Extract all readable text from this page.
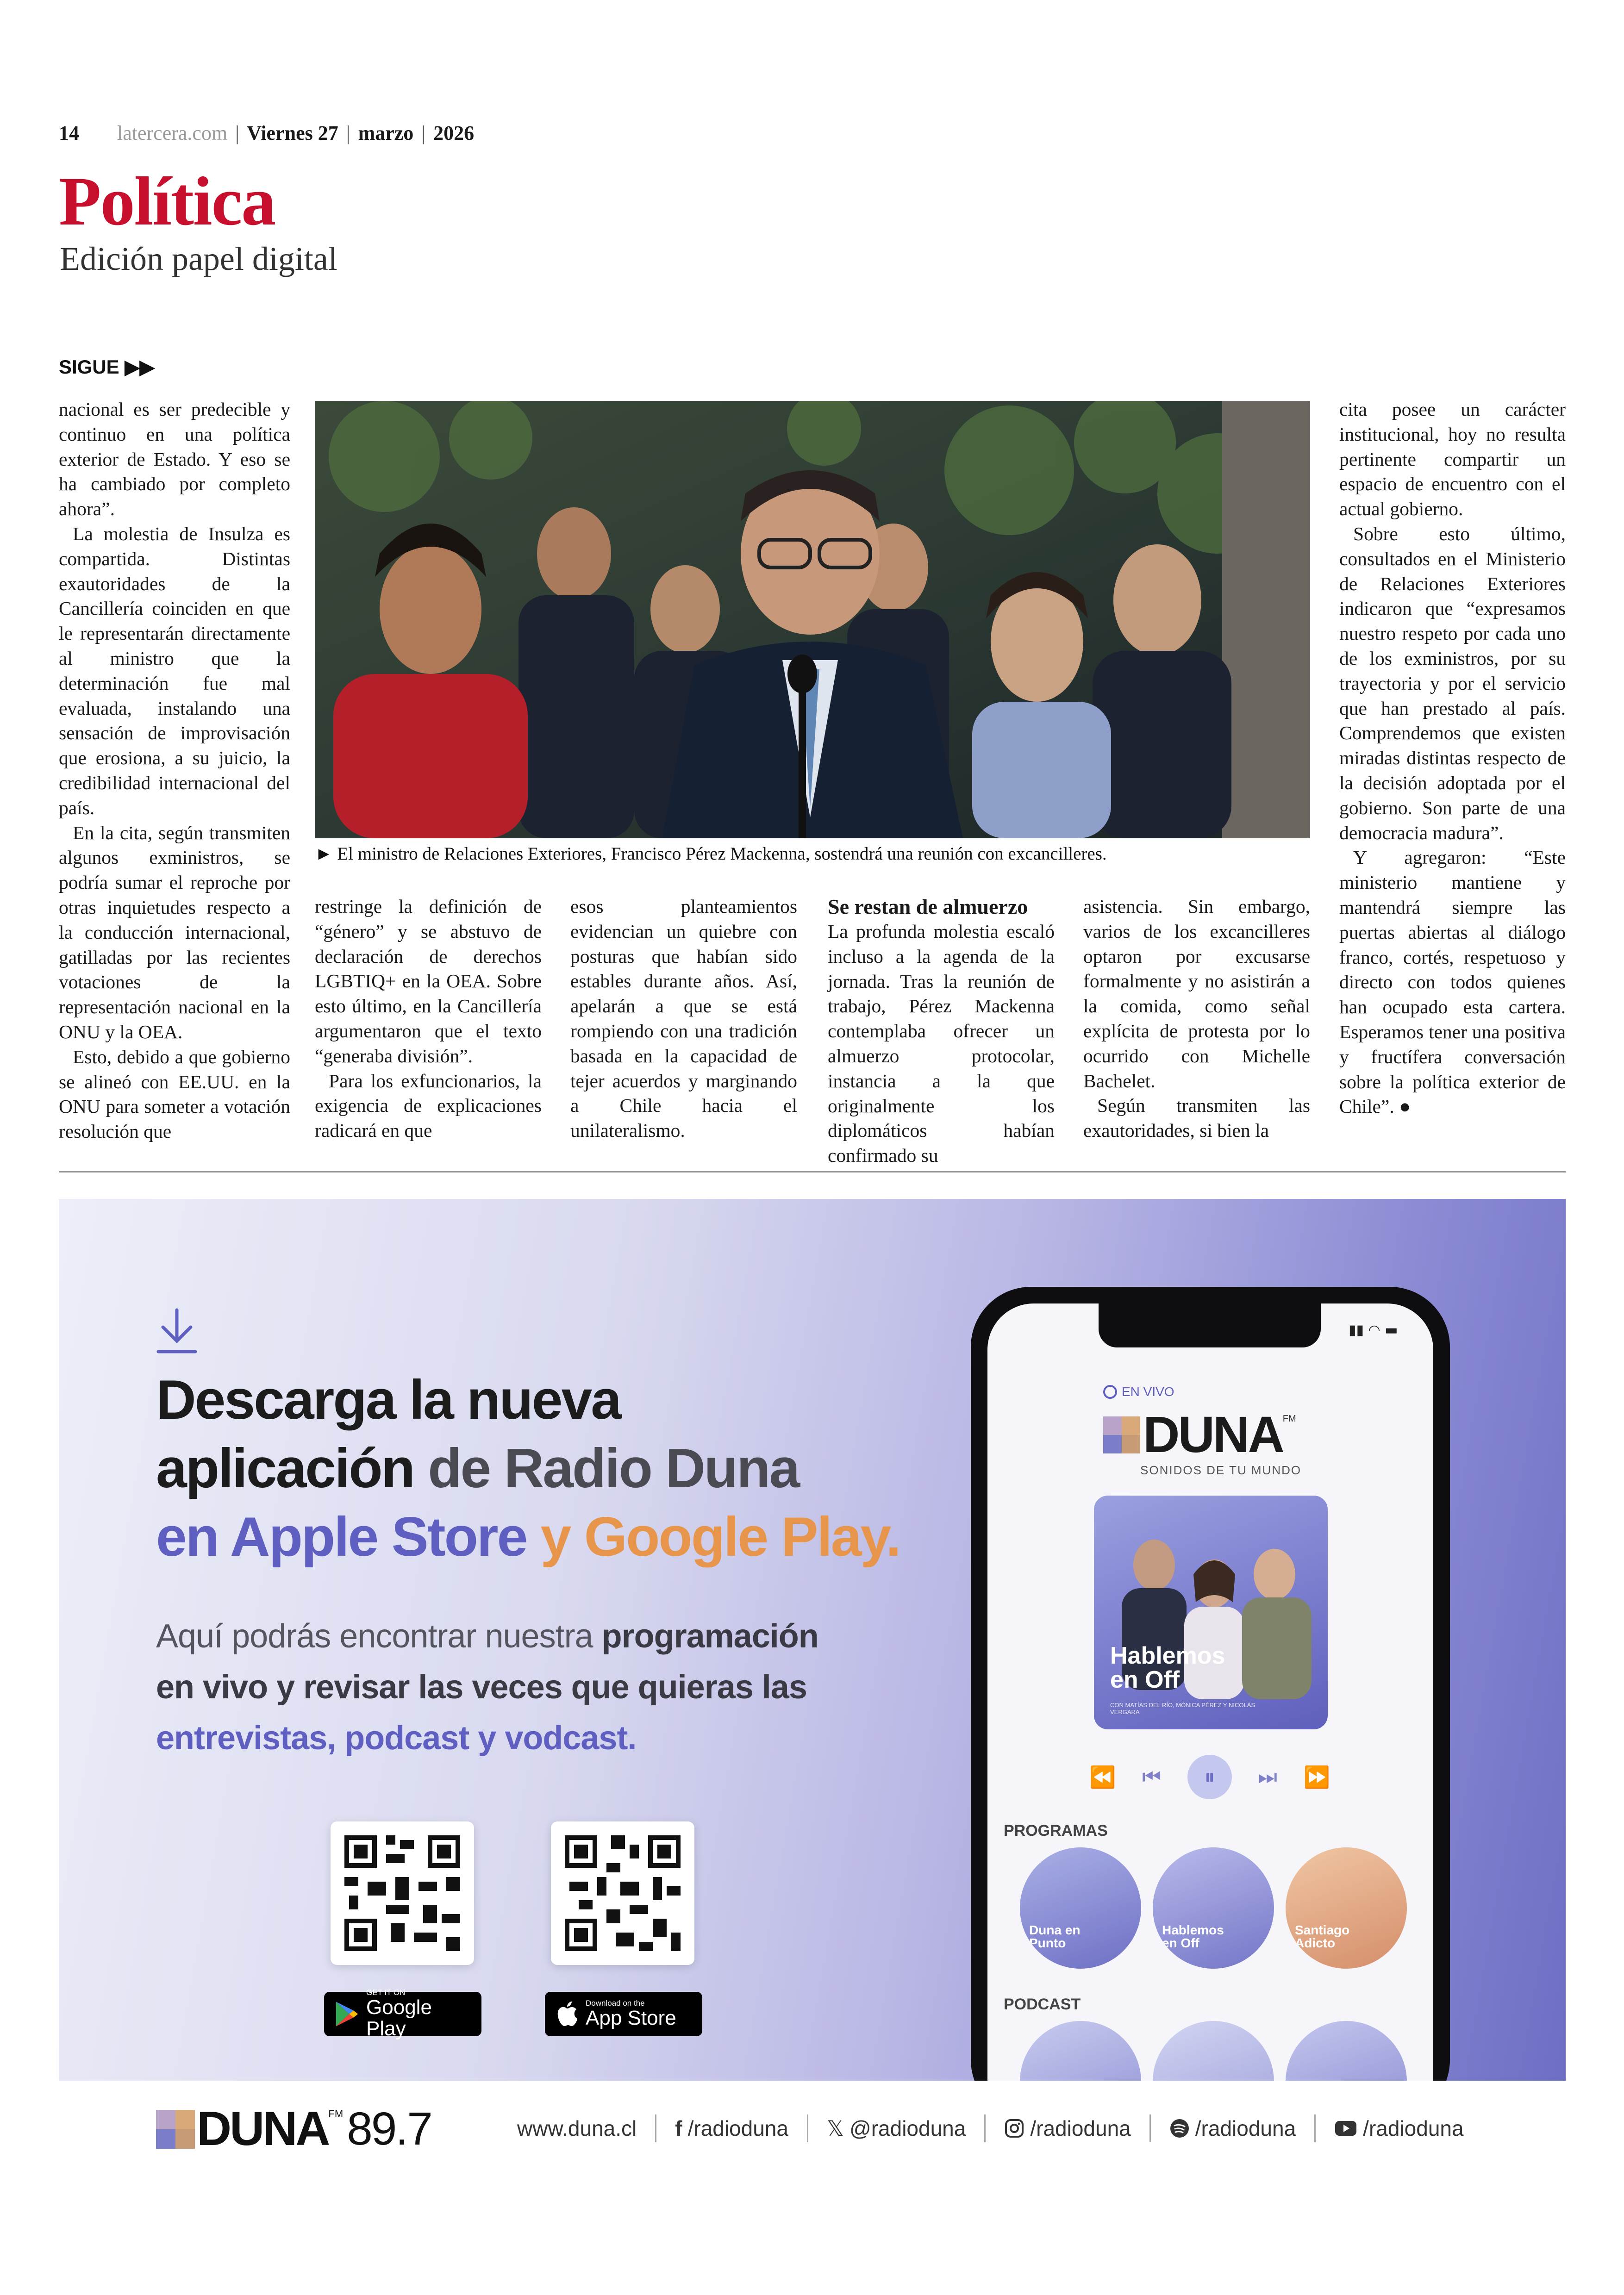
14 latercera.com | Viernes 27 | marzo | 2026
Política
Edición papel digital
SIGUE ▶▶

nacional es ser predecible y continuo en una política exterior de Estado. Y eso se ha cambiado por completo ahora”.

La molestia de Insulza es compartida. Distintas exautoridades de la Cancillería coinciden en que le representarán directamente al ministro que la determinación fue mal evaluada, instalando una sensación de improvisación que erosiona, a su juicio, la credibilidad internacional del país.

En la cita, según transmiten algunos exministros, se podría sumar el reproche por otras inquietudes respecto a la conducción internacional, gatilladas por las recientes votaciones de la representación nacional en la ONU y la OEA.

Esto, debido a que gobierno se alineó con EE.UU. en la ONU para someter a votación resolución que

► El ministro de Relaciones Exteriores, Francisco Pérez Mackenna, sostendrá una reunión con excancilleres.

cita posee un carácter institucional, hoy no resulta pertinente compartir un espacio de encuentro con el actual gobierno.

Sobre esto último, consultados en el Ministerio de Relaciones Exteriores indicaron que “expresamos nuestro respeto por cada uno de los exministros, por su trayectoria y por el servicio que han prestado al país. Comprendemos que existen miradas distintas respecto de la decisión adoptada por el gobierno. Son parte de una democracia madura”.

Y agregaron: “Este ministerio mantiene y mantendrá siempre las puertas abiertas al diálogo franco, cortés, respetuoso y directo con todos quienes han ocupado esta cartera. Esperamos tener una positiva y fructífera conversación sobre la política exterior de Chile”. ●

restringe la definición de “género” y se abstuvo de declaración de derechos LGBTIQ+ en la OEA. Sobre esto último, en la Cancillería argumentaron que el texto “generaba división”.

Para los exfuncionarios, la exigencia de explicaciones radicará en que

esos planteamientos evidencian un quiebre con posturas que habían sido estables durante años. Así, apelarán a que se está rompiendo con una tradición basada en la capacidad de tejer acuerdos y marginando a Chile hacia el unilateralismo.

Se restan de almuerzo

La profunda molestia escaló incluso a la agenda de la jornada. Tras la reunión de trabajo, Pérez Mackenna contemplaba ofrecer un almuerzo protocolar, instancia a la que originalmente los diplomáticos habían confirmado su

asistencia. Sin embargo, varios de los excancilleres optaron por excusarse formalmente y no asistirán a la comida, como señal explícita de protesta por lo ocurrido con Michelle Bachelet.

Según transmiten las exautoridades, si bien la

Descarga la nueva
aplicación de Radio Duna
en Apple Store y Google Play.
Aquí podrás encontrar nuestra programación
en vivo y revisar las veces que quieras las
entrevistas, podcast y vodcast.
GET IT ON
Google Play
Download on the
App Store
▮▮ ◠ ▬
EN VIVO
DUNA FM
SONIDOS DE TU MUNDO
Hablemos en Off
CON MATÍAS DEL RÍO, MÓNICA PÉREZ Y NICOLÁS VERGARA
⏪ ⏮	⏸	⏭ ⏩
PROGRAMAS
Duna en Punto
Hablemos en Off
Santiago Adicto
PODCAST
DUNA FM 89.7	www.duna.cl f /radioduna 𝕏 @radioduna	/radioduna	/radioduna	/radioduna
